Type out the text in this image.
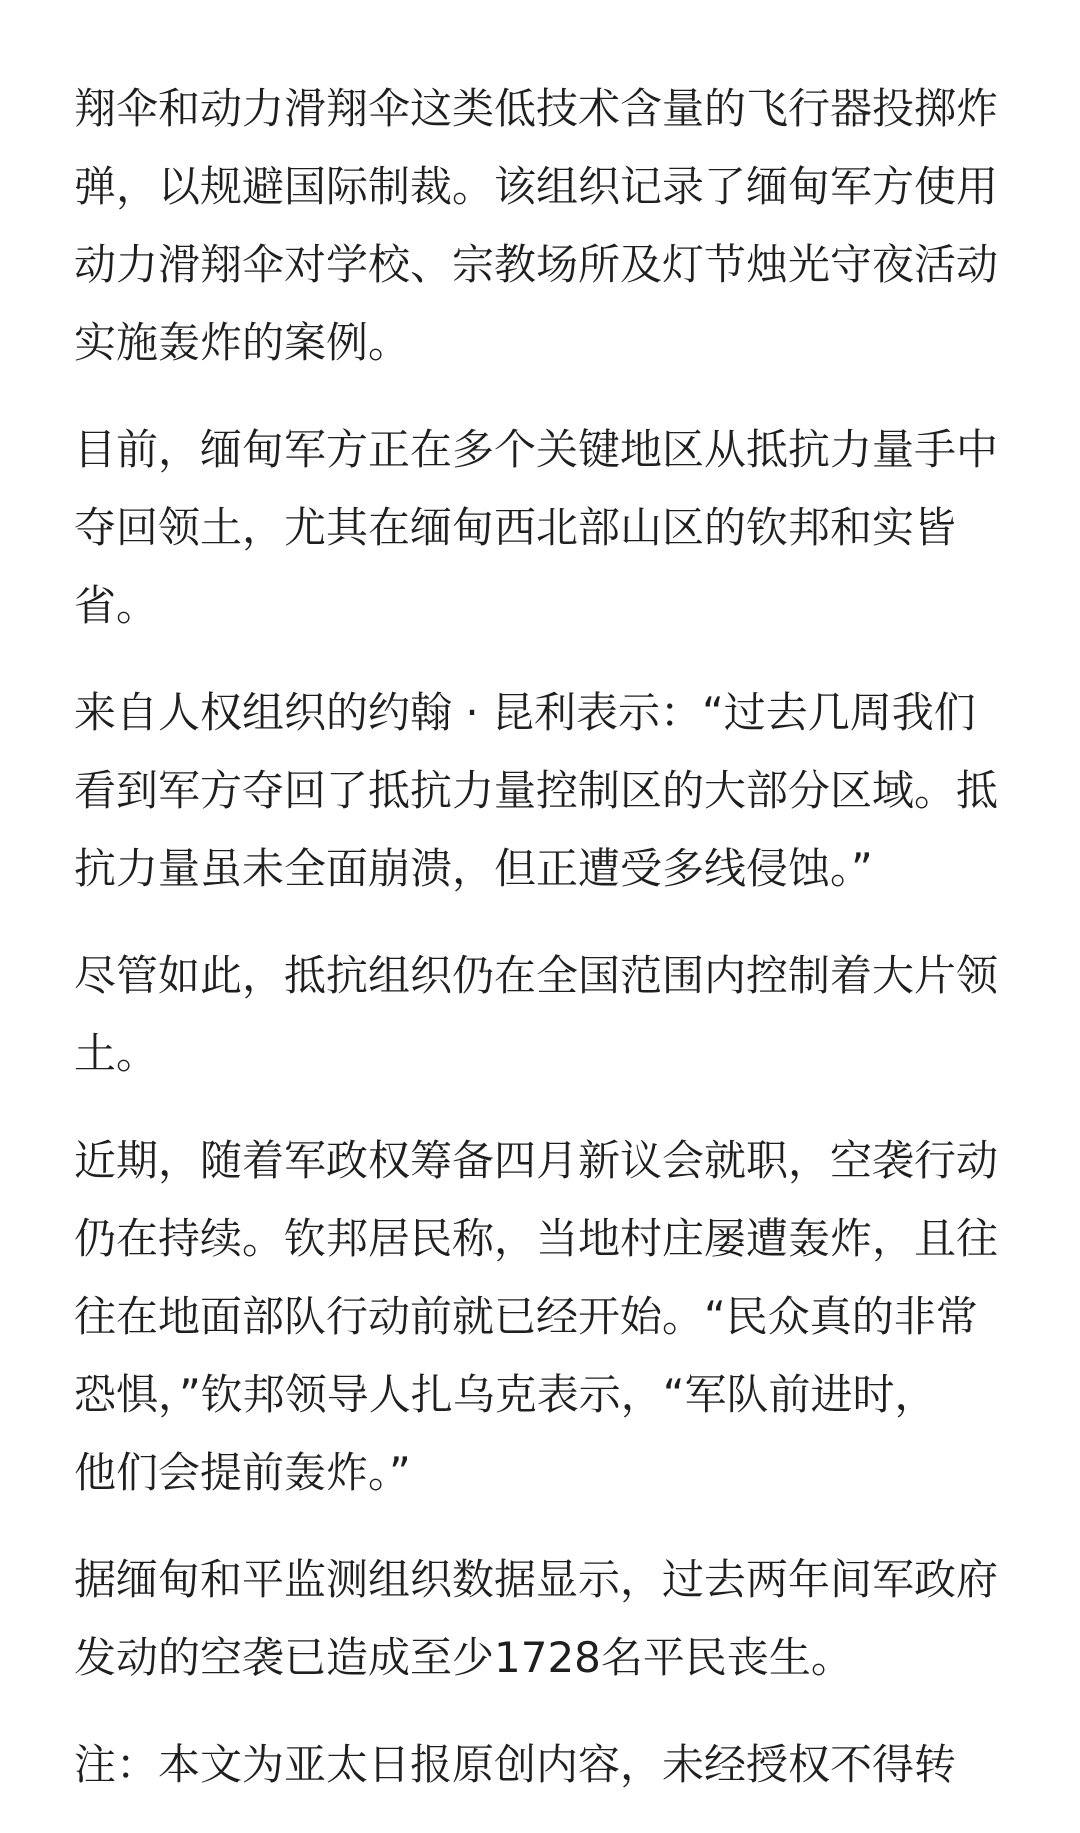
翔伞和动力滑翔伞这类低技术含量的飞行器投掷炸
弹，以规避国际制裁。该组织记录了缅甸军方使用
动力滑翔伞对学校、宗教场所及灯节烛光守夜活动
实施轰炸的案例。

目前，缅甸军方正在多个关键地区从抵抗力量手中
夺回领土，尤其在缅甸西北部山区的钦邦和实皆
省。

来自人权组织的约翰 · 昆利表示：“过去几周我们
看到军方夺回了抵抗力量控制区的大部分区域。抵
抗力量虽未全面崩溃，但正遭受多线侵蚀。”

尽管如此，抵抗组织仍在全国范围内控制着大片领
土。

近期，随着军政权筹备四月新议会就职，空袭行动
仍在持续。钦邦居民称，当地村庄屡遭轰炸，且往
往在地面部队行动前就已经开始。“民众真的非常
恐惧，”钦邦领导人扎乌克表示，“军队前进时，
他们会提前轰炸。”

据缅甸和平监测组织数据显示，过去两年间军政府
发动的空袭已造成至少1728名平民丧生。

注：本文为亚太日报原创内容，未经授权不得转
